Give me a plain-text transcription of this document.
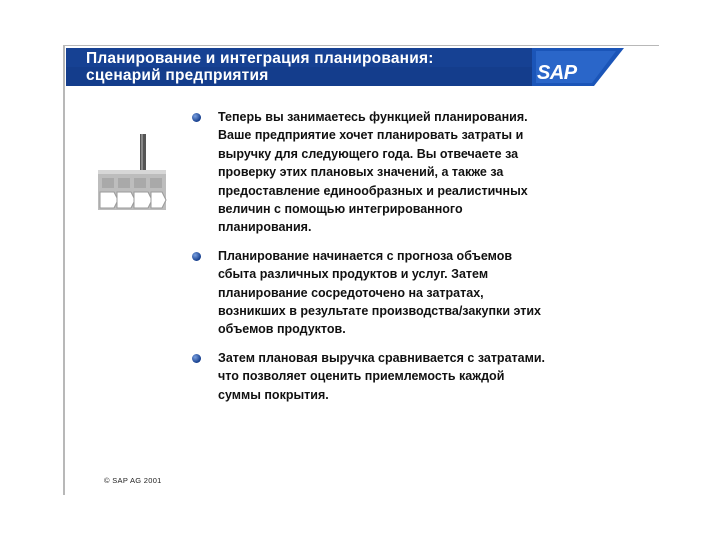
Планирование и интеграция планирования:
сценарий предприятия	SAP
Теперь вы занимаетесь функцией планирования.
Ваше предприятие хочет планировать затраты и
выручку для следующего года. Вы отвечаете за
проверку этих плановых значений, а также за
предоставление единообразных и реалистичных
величин с помощью интегрированного
планирования.
Планирование начинается с прогноза объемов
сбыта различных продуктов и услуг. Затем
планирование сосредоточено на затратах,
возникших в результате производства/закупки этих
объемов продуктов.
Затем плановая выручка сравнивается с затратами.
что позволяет оценить приемлемость каждой
суммы покрытия.
© SAP AG 2001
